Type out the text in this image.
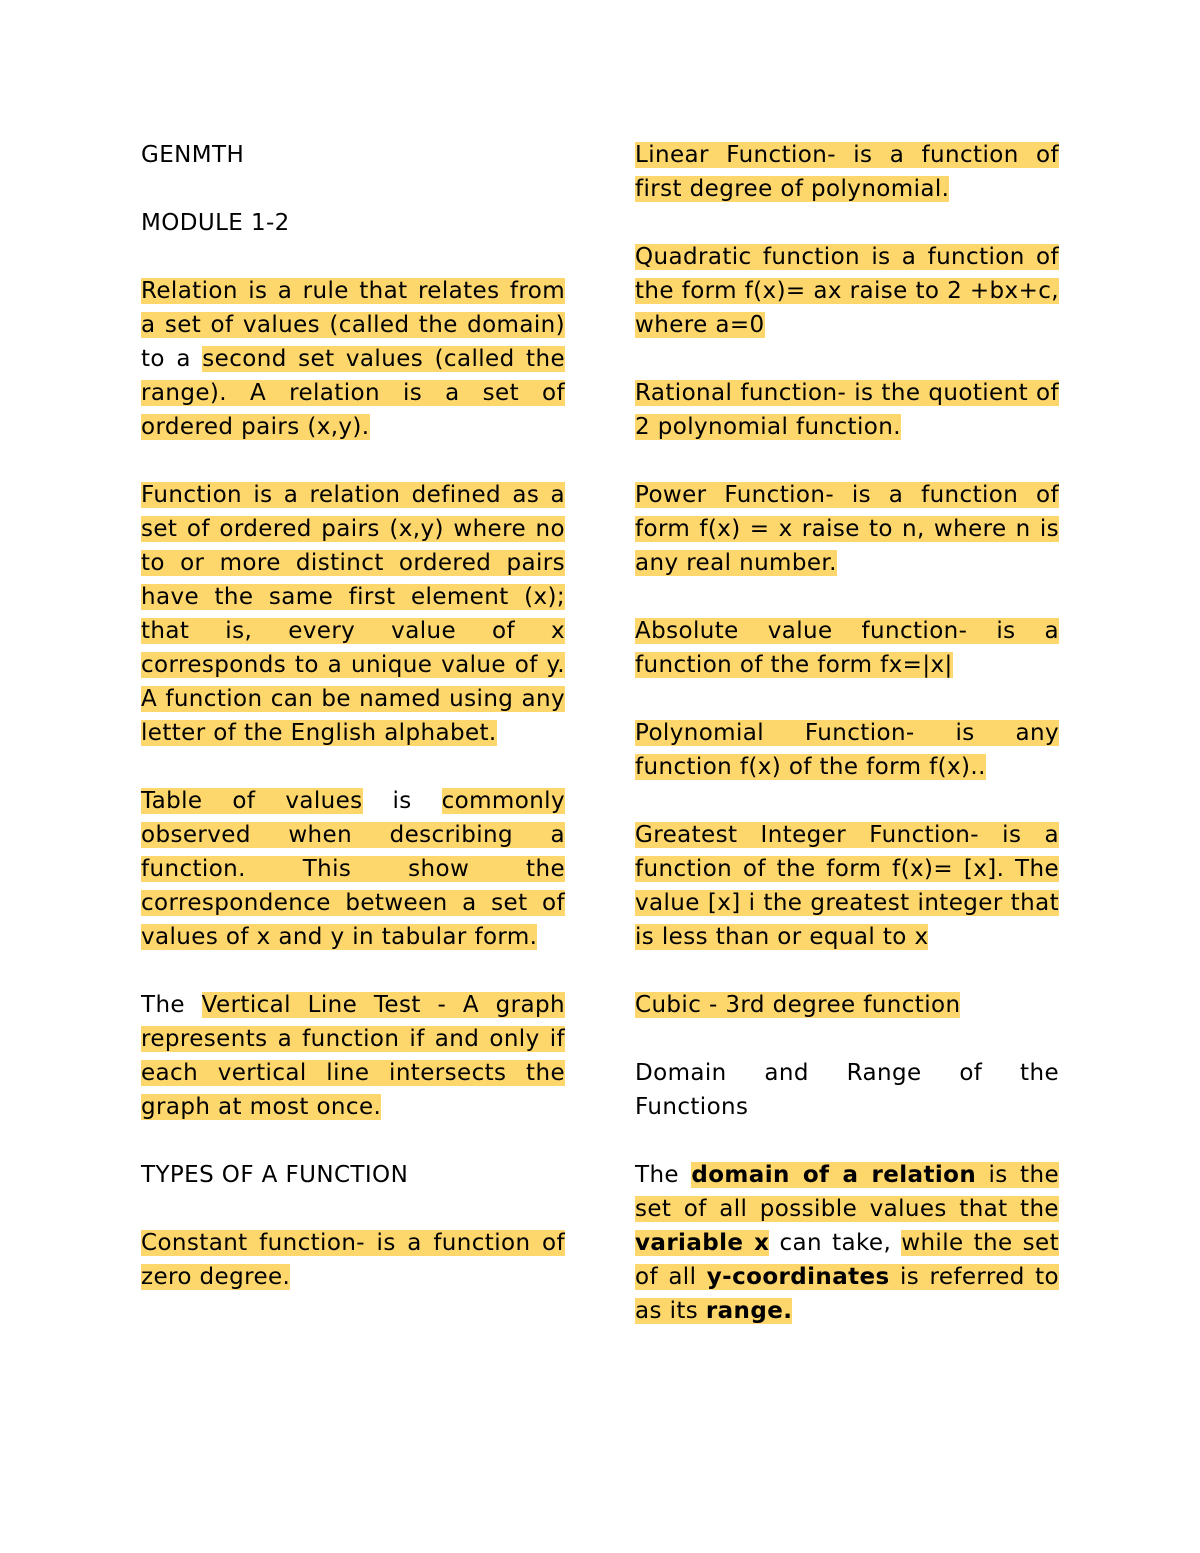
GENMTH

MODULE 1-2

Relation is a rule that relates from a set of values (called the domain) to a second set values (called the range). A relation is a set of ordered pairs (x,y).

Function is a relation defined as a set of ordered pairs (x,y) where no to or more distinct ordered pairs have the same first element (x); that is, every value of x corresponds to a unique value of y. A function can be named using any letter of the English alphabet.

Table of values is commonly observed when describing a function. This show the correspondence between a set of values of x and y in tabular form.

The Vertical Line Test - A graph represents a function if and only if each vertical line intersects the graph at most once.

TYPES OF A FUNCTION

Constant function- is a function of zero degree.

Linear Function- is a function of first degree of polynomial.

Quadratic function is a function of the form f(x)= ax raise to 2 +bx+c, where a=0

Rational function- is the quotient of 2 polynomial function.

Power Function- is a function of form f(x) = x raise to n, where n is any real number.

Absolute value function- is a function of the form fx=|x|

Polynomial Function- is any function f(x) of the form f(x)..

Greatest Integer Function- is a function of the form f(x)= [x]. The value [x] i the greatest integer that is less than or equal to x

Cubic - 3rd degree function

Domain and Range of the Functions

The domain of a relation is the set of all possible values that the variable x can take, while the set of all y-coordinates is referred to as its range.
